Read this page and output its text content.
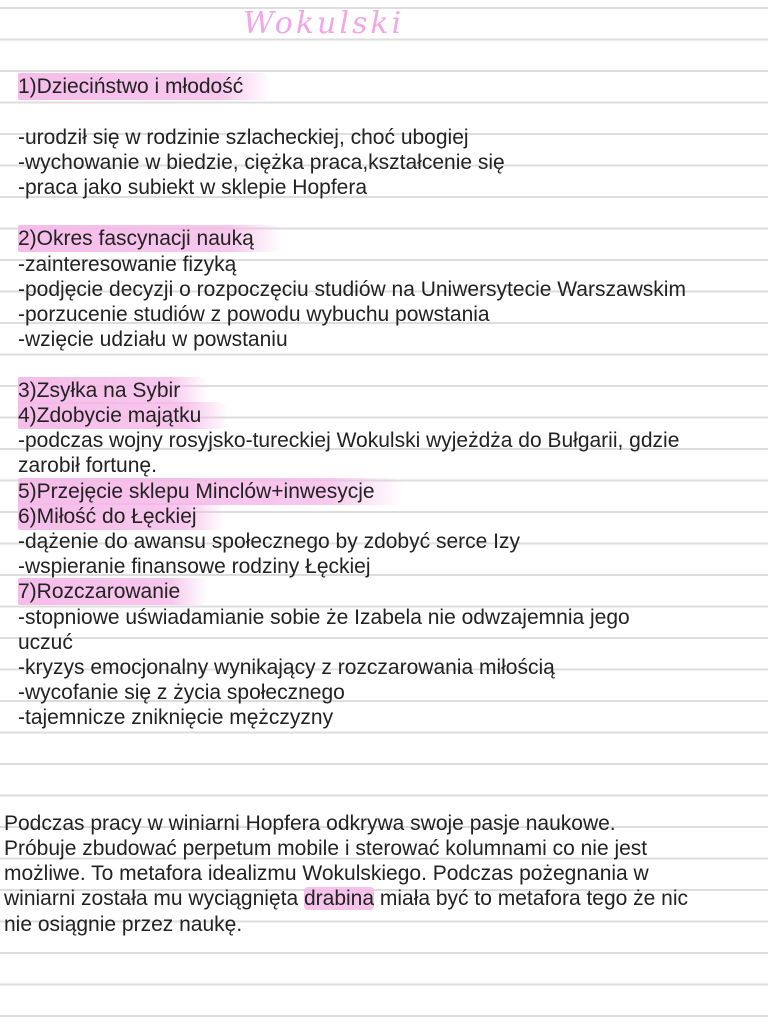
Wokulski
1)Dzieciństwo i młodość
-urodził się w rodzinie szlacheckiej, choć ubogiej
-wychowanie w biedzie, ciężka praca,kształcenie się
-praca jako subiekt w sklepie Hopfera
2)Okres fascynacji nauką
-zainteresowanie fizyką
-podjęcie decyzji o rozpoczęciu studiów na Uniwersytecie Warszawskim
-porzucenie studiów z powodu wybuchu powstania
-wzięcie udziału w powstaniu
3)Zsyłka na Sybir
4)Zdobycie majątku
-podczas wojny rosyjsko-tureckiej Wokulski wyjeżdża do Bułgarii, gdzie
zarobił fortunę.
5)Przejęcie sklepu Minclów+inwesycje
6)Miłość do Łęckiej
-dążenie do awansu społecznego by zdobyć serce Izy
-wspieranie finansowe rodziny Łęckiej
7)Rozczarowanie
-stopniowe uświadamianie sobie że Izabela nie odwzajemnia jego
uczuć
-kryzys emocjonalny wynikający z rozczarowania miłością
-wycofanie się z życia społecznego
-tajemnicze zniknięcie mężczyzny
Podczas pracy w winiarni Hopfera odkrywa swoje pasje naukowe.
Próbuje zbudować perpetum mobile i sterować kolumnami co nie jest
możliwe. To metafora idealizmu Wokulskiego. Podczas pożegnania w
winiarni została mu wyciągnięta drabina miała być to metafora tego że nic
nie osiągnie przez naukę.
